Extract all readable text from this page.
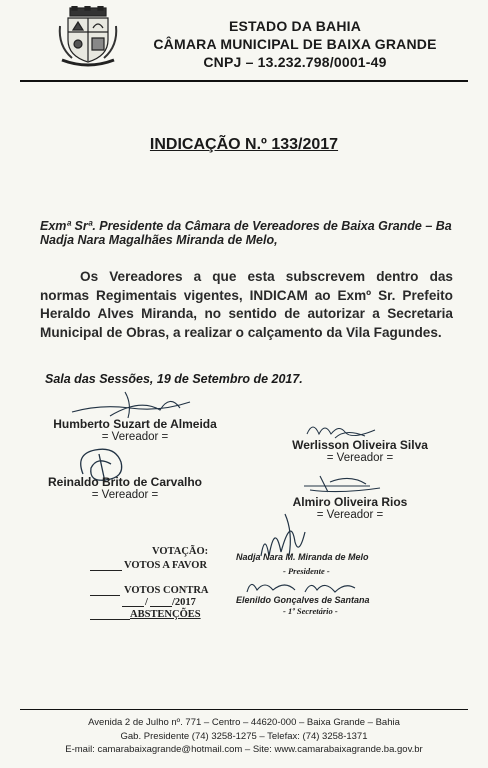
ESTADO DA BAHIA
CÂMARA MUNICIPAL DE BAIXA GRANDE
CNPJ – 13.232.798/0001-49
INDICAÇÃO N.º 133/2017
Exmª Srª. Presidente da Câmara de Vereadores de Baixa Grande – Ba
Nadja Nara Magalhães Miranda de Melo,
Os Vereadores a que esta subscrevem dentro das normas Regimentais vigentes, INDICAM ao Exmº Sr. Prefeito Heraldo Alves Miranda, no sentido de autorizar a Secretaria Municipal de Obras, a realizar o calçamento da Vila Fagundes.
Sala das Sessões, 19 de Setembro de 2017.
Humberto Suzart de Almeida
= Vereador =
Werlisson Oliveira Silva
= Vereador =
Reinaldo Brito de Carvalho
= Vereador =	Almiro Oliveira Rios
= Vereador =
VOTAÇÃO:
VOTOS A FAVOR
VOTOS CONTRA
/ /2017
ABSTENÇÕES
Nadja Nara M. Miranda de Melo
- Presidente -
Elenildo Gonçalves de Santana
- 1º Secretário -
Avenida 2 de Julho nº. 771 – Centro – 44620-000 – Baixa Grande – Bahia
Gab. Presidente (74) 3258-1275 – Telefax: (74) 3258-1371
E-mail: camarabaixagrande@hotmail.com – Site: www.camarabaixagrande.ba.gov.br
